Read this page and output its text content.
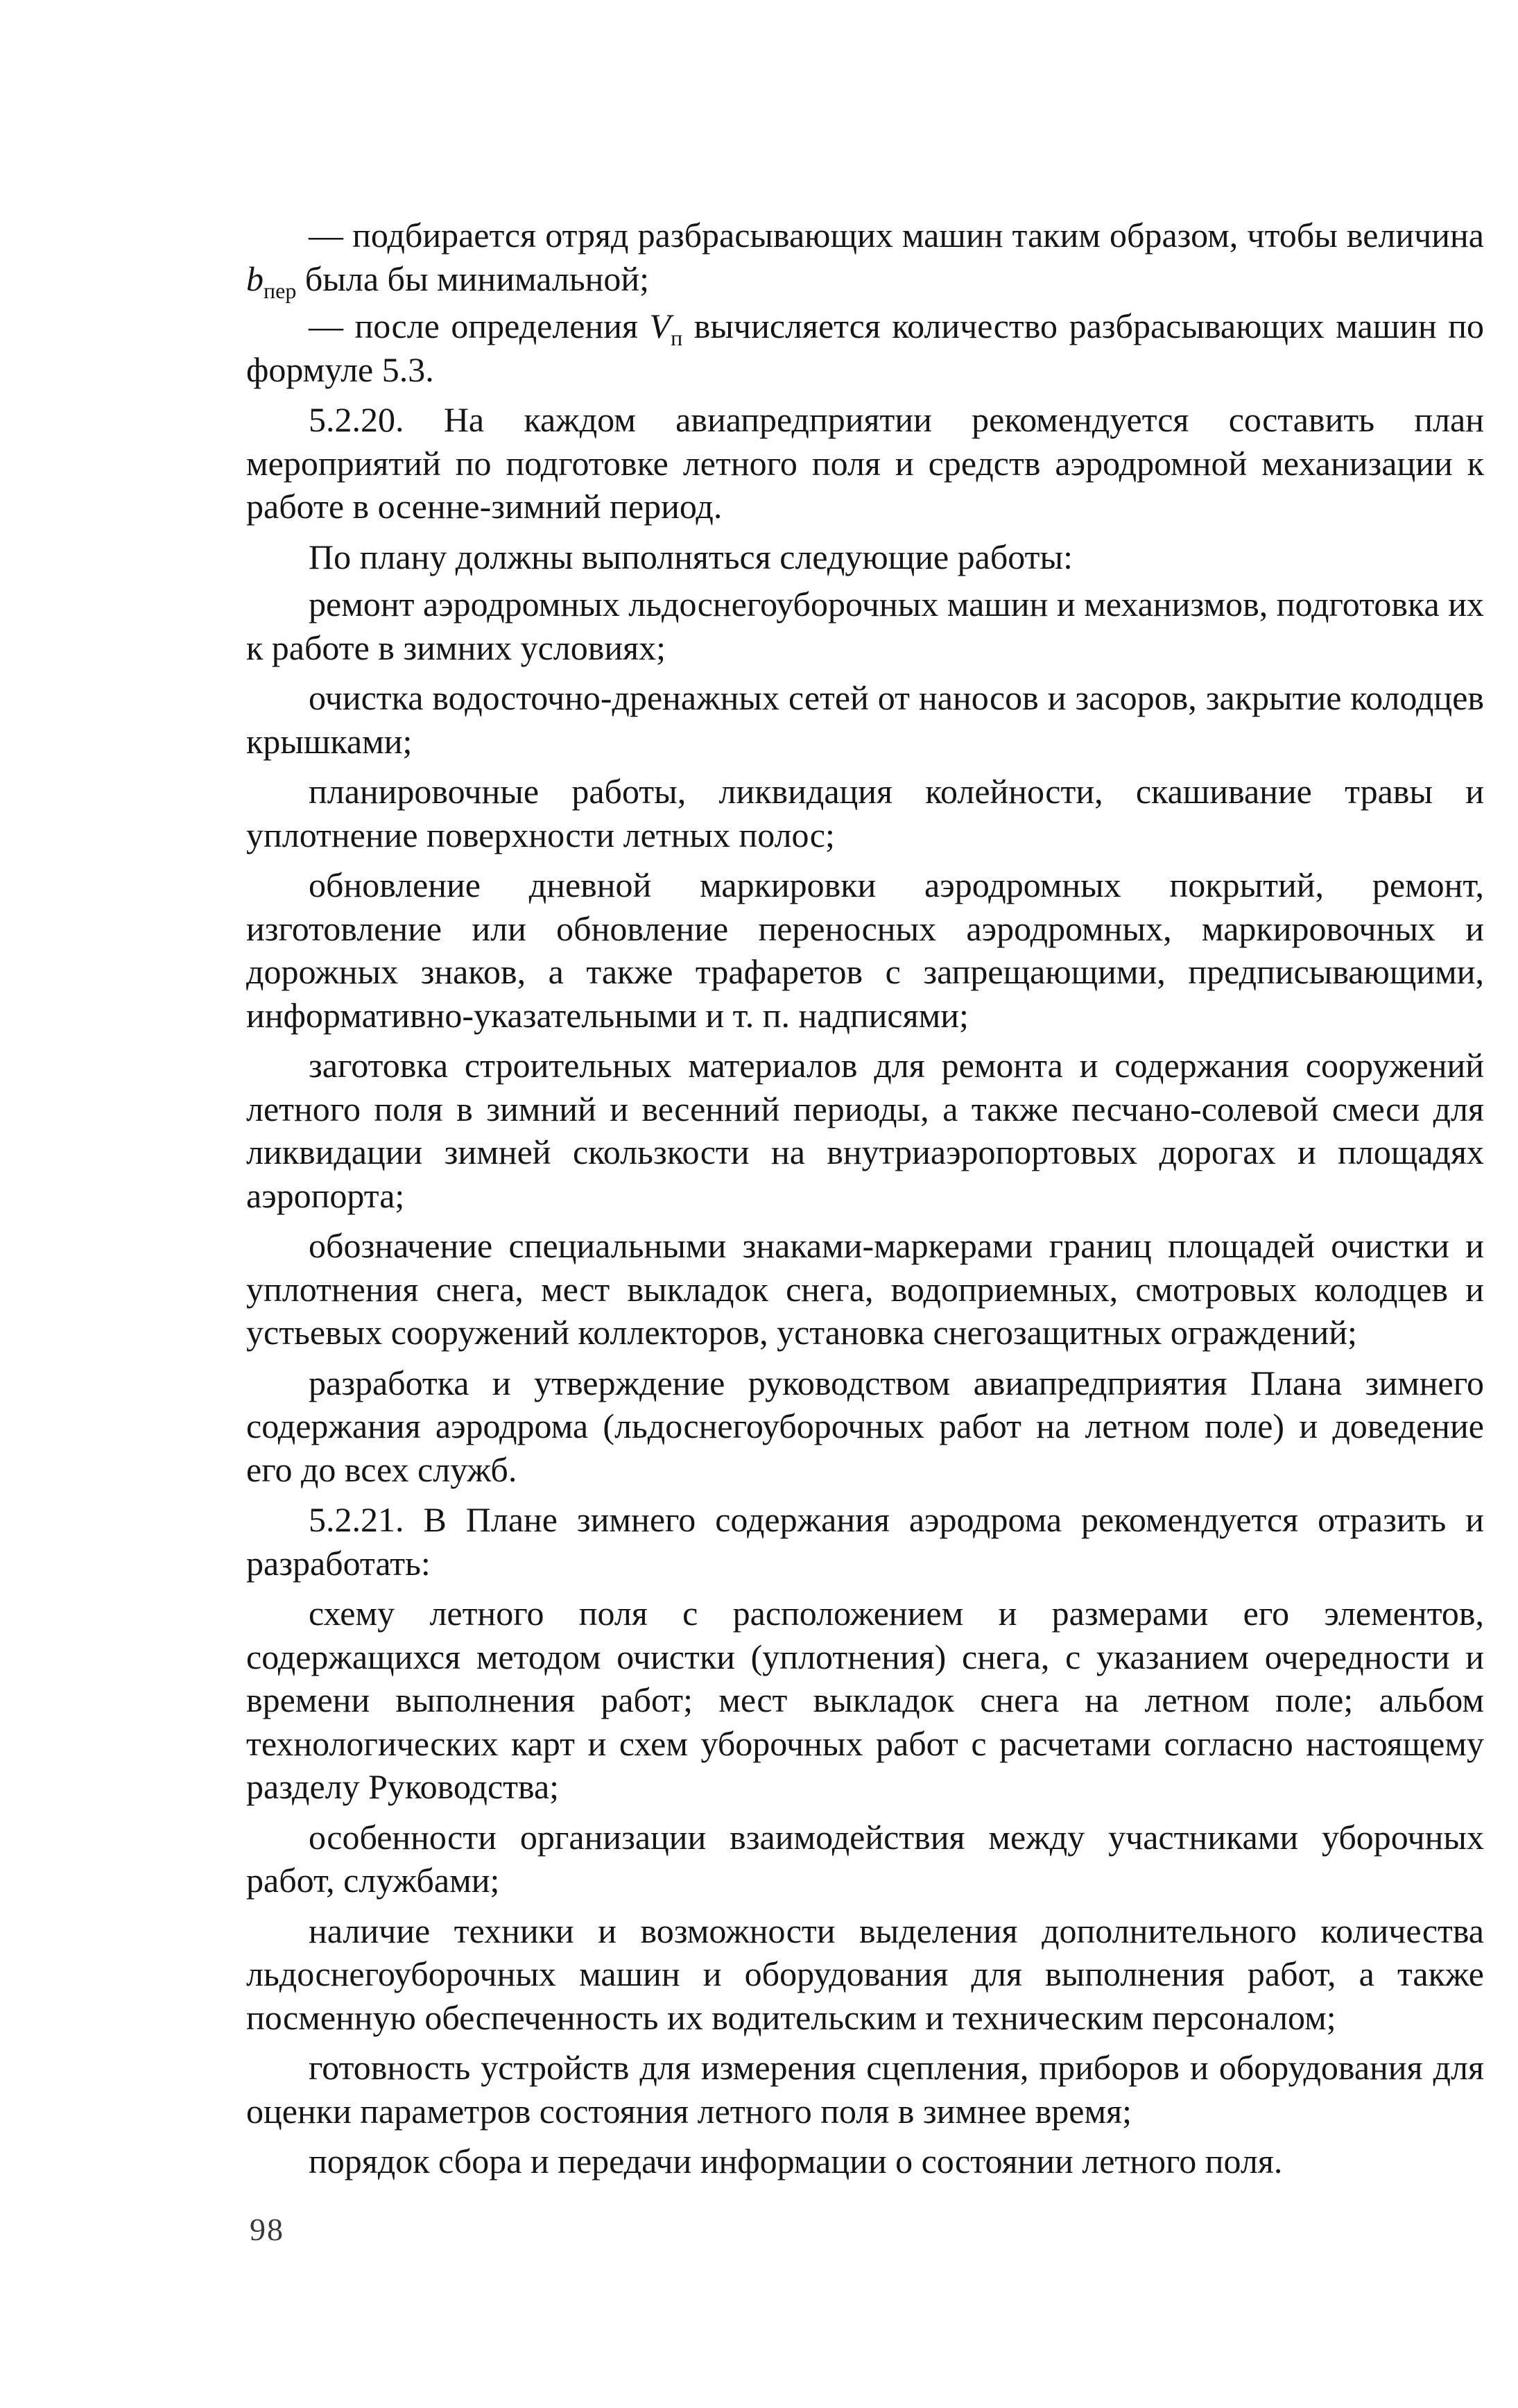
— подбирается отряд разбрасывающих машин таким образом, чтобы величина $b_{пер}$ была бы минимальной;

— после определения $V_п$ вычисляется количество разбрасывающих машин по формуле 5.3.

5.2.20. На каждом авиапредприятии рекомендуется составить план мероприятий по подготовке летного поля и средств аэродромной механизации к работе в осенне-зимний период.

По плану должны выполняться следующие работы:

ремонт аэродромных льдоснегоуборочных машин и механизмов, подготовка их к работе в зимних условиях;

очистка водосточно-дренажных сетей от наносов и засоров, закрытие колодцев крышками;

планировочные работы, ликвидация колейности, скашивание травы и уплотнение поверхности летных полос;

обновление дневной маркировки аэродромных покрытий, ремонт, изготовление или обновление переносных аэродромных, маркировочных и дорожных знаков, а также трафаретов с запрещающими, предписывающими, информативно-указательными и т. п. надписями;

заготовка строительных материалов для ремонта и содержания сооружений летного поля в зимний и весенний периоды, а также песчано-солевой смеси для ликвидации зимней скользкости на внутриаэропортовых дорогах и площадях аэропорта;

обозначение специальными знаками-маркерами границ площадей очистки и уплотнения снега, мест выкладок снега, водоприемных, смотровых колодцев и устьевых сооружений коллекторов, установка снегозащитных ограждений;

разработка и утверждение руководством авиапредприятия Плана зимнего содержания аэродрома (льдоснегоуборочных работ на летном поле) и доведение его до всех служб.

5.2.21. В Плане зимнего содержания аэродрома рекомендуется отразить и разработать:

схему летного поля с расположением и размерами его элементов, содержащихся методом очистки (уплотнения) снега, с указанием очередности и времени выполнения работ; мест выкладок снега на летном поле; альбом технологических карт и схем уборочных работ с расчетами согласно настоящему разделу Руководства;

особенности организации взаимодействия между участниками уборочных работ, службами;

наличие техники и возможности выделения дополнительного количества льдоснегоуборочных машин и оборудования для выполнения работ, а также посменную обеспеченность их водительским и техническим персоналом;

готовность устройств для измерения сцепления, приборов и оборудования для оценки параметров состояния летного поля в зимнее время;

порядок сбора и передачи информации о состоянии летного поля.

98
